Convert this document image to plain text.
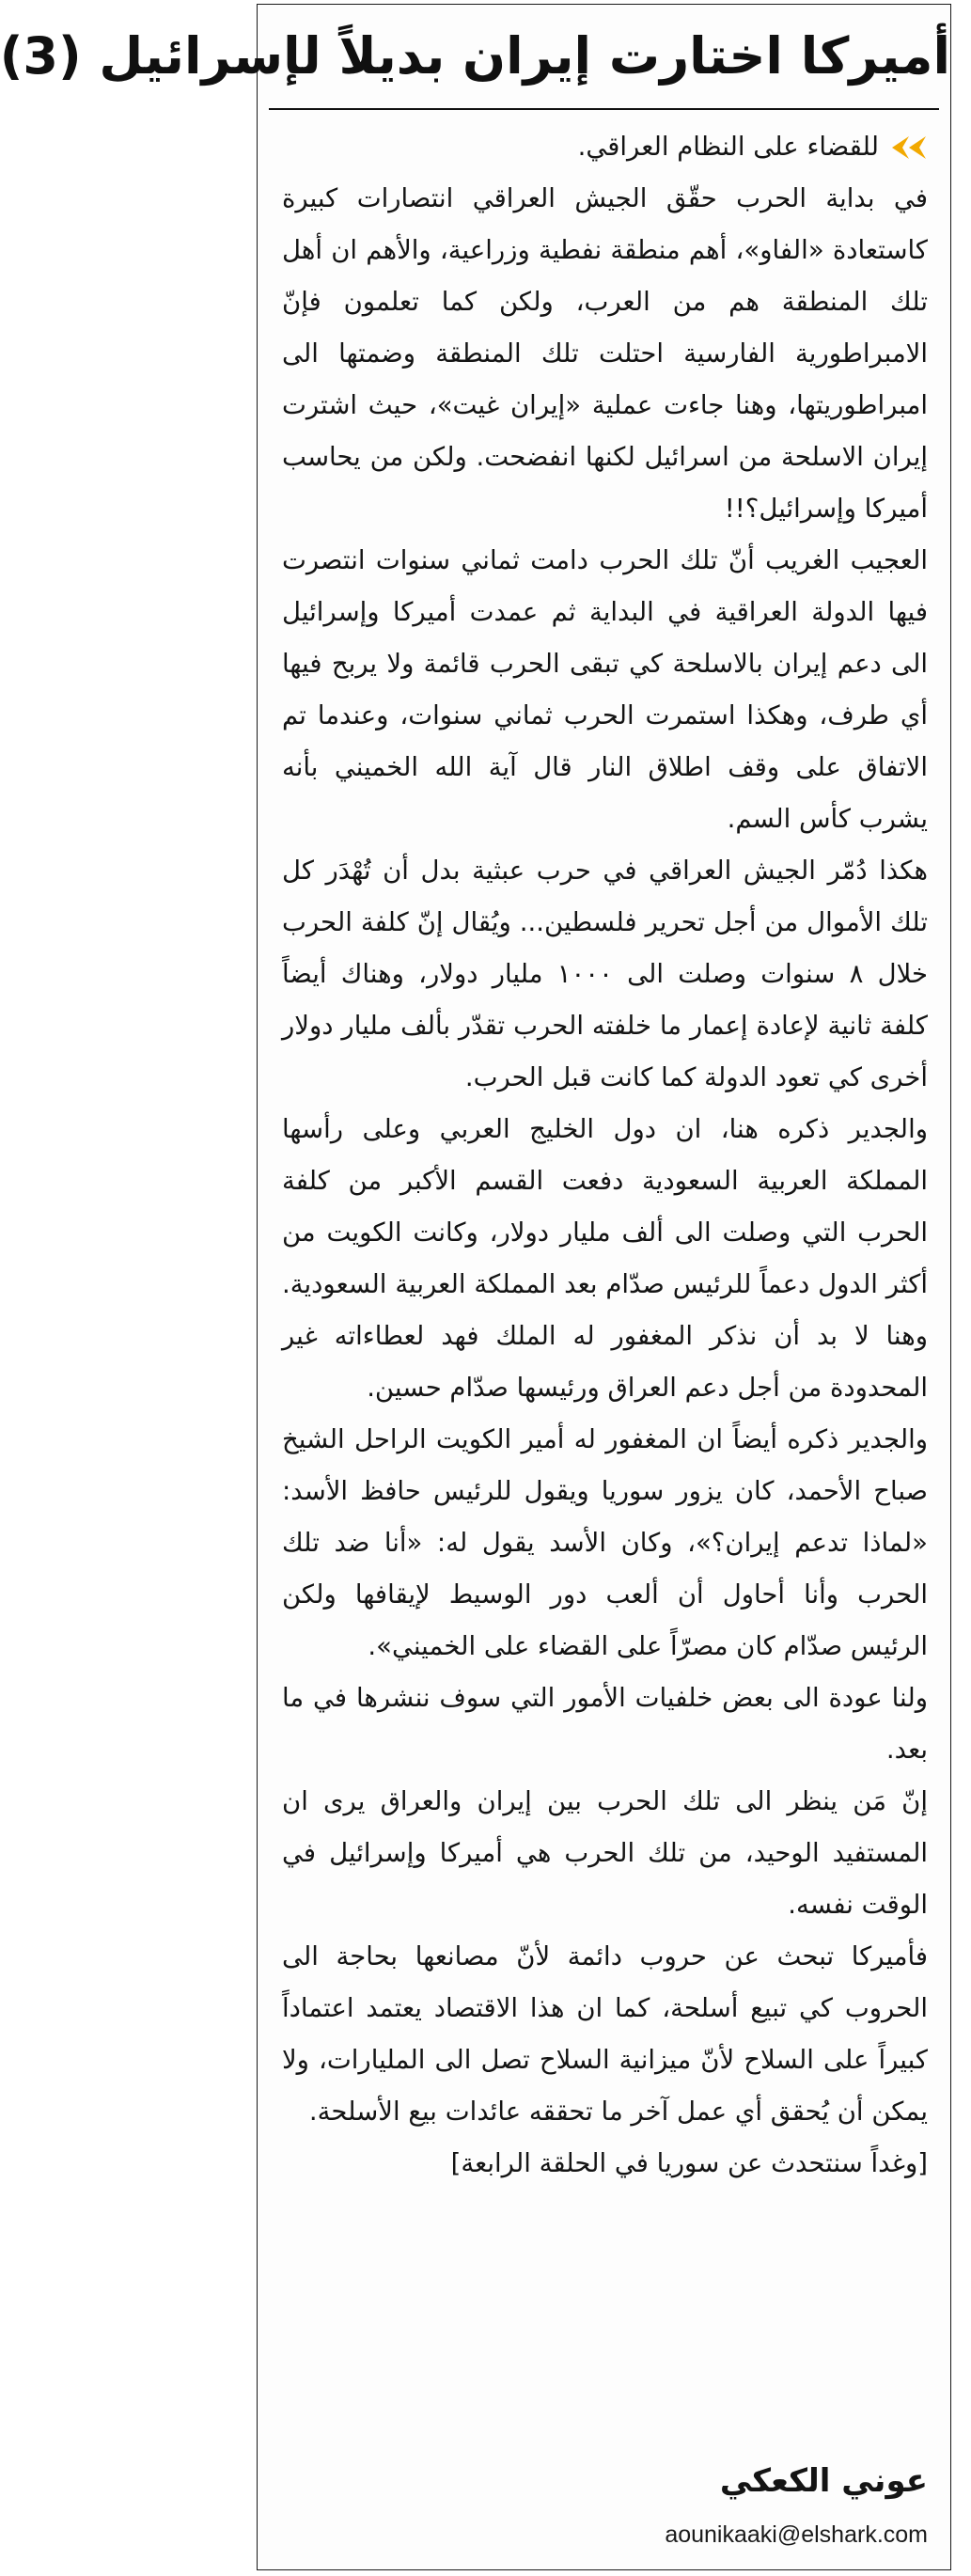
أميركا اختارت إيران بديلاً لإسرائيل (3)
للقضاء على النظام العراقي.

في بداية الحرب حقّق الجيش العراقي انتصارات كبيرة كاستعادة «الفاو»، أهم منطقة نفطية وزراعية، والأهم ان أهل تلك المنطقة هم من العرب، ولكن كما تعلمون فإنّ الامبراطورية الفارسية احتلت تلك المنطقة وضمتها الى امبراطوريتها، وهنا جاءت عملية «إيران غيت»، حيث اشترت إيران الاسلحة من اسرائيل لكنها انفضحت. ولكن من يحاسب أميركا وإسرائيل؟!!

العجيب الغريب أنّ تلك الحرب دامت ثماني سنوات انتصرت فيها الدولة العراقية في البداية ثم عمدت أميركا وإسرائيل الى دعم إيران بالاسلحة كي تبقى الحرب قائمة ولا يربح فيها أي طرف، وهكذا استمرت الحرب ثماني سنوات، وعندما تم الاتفاق على وقف اطلاق النار قال آية الله الخميني بأنه يشرب كأس السم.

هكذا دُمّر الجيش العراقي في حرب عبثية بدل أن تُهْدَر كل تلك الأموال من أجل تحرير فلسطين... ويُقال إنّ كلفة الحرب خلال ٨ سنوات وصلت الى ١٠٠٠ مليار دولار، وهناك أيضاً كلفة ثانية لإعادة إعمار ما خلفته الحرب تقدّر بألف مليار دولار أخرى كي تعود الدولة كما كانت قبل الحرب.

والجدير ذكره هنا، ان دول الخليج العربي وعلى رأسها المملكة العربية السعودية دفعت القسم الأكبر من كلفة الحرب التي وصلت الى ألف مليار دولار، وكانت الكويت من أكثر الدول دعماً للرئيس صدّام بعد المملكة العربية السعودية. وهنا لا بد أن نذكر المغفور له الملك فهد لعطاءاته غير المحدودة من أجل دعم العراق ورئيسها صدّام حسين.

والجدير ذكره أيضاً ان المغفور له أمير الكويت الراحل الشيخ صباح الأحمد، كان يزور سوريا ويقول للرئيس حافظ الأسد: «لماذا تدعم إيران؟»، وكان الأسد يقول له: «أنا ضد تلك الحرب وأنا أحاول أن ألعب دور الوسيط لإيقافها ولكن الرئيس صدّام كان مصرّاً على القضاء على الخميني».

ولنا عودة الى بعض خلفيات الأمور التي سوف ننشرها في ما بعد.

إنّ مَن ينظر الى تلك الحرب بين إيران والعراق يرى ان المستفيد الوحيد، من تلك الحرب هي أميركا وإسرائيل في الوقت نفسه.

فأميركا تبحث عن حروب دائمة لأنّ مصانعها بحاجة الى الحروب كي تبيع أسلحة، كما ان هذا الاقتصاد يعتمد اعتماداً كبيراً على السلاح لأنّ ميزانية السلاح تصل الى المليارات، ولا يمكن أن يُحقق أي عمل آخر ما تحققه عائدات بيع الأسلحة.

[وغداً سنتحدث عن سوريا في الحلقة الرابعة]

عوني الكعكي
aounikaaki@elshark.com
